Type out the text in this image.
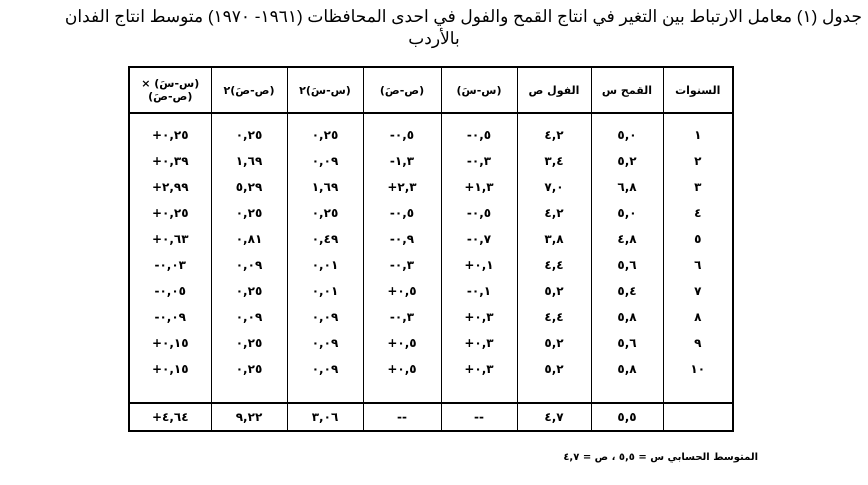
جدول (١) معامل الارتباط بين التغير في انتاج القمح والفول في احدى المحافظات (١٩٦١- ١٩٧٠) متوسط انتاج الفدان
بالأردب
السنوات	القمح س	الفول ص	(س-سَ)	(ص-صَ)	(س-سَ)٢	(ص-صَ)٢	(س-سَ) × (ص-صَ)
١	٥,٠	٤,٢	٠,٥-	٠,٥-	٠,٢٥	٠,٢٥	٠,٢٥+
٢	٥,٢	٣,٤	٠,٣-	١,٣-	٠,٠٩	١,٦٩	٠,٣٩+
٣	٦,٨	٧,٠	١,٣+	٢,٣+	١,٦٩	٥,٢٩	٢,٩٩+
٤	٥,٠	٤,٢	٠,٥-	٠,٥-	٠,٢٥	٠,٢٥	٠,٢٥+
٥	٤,٨	٣,٨	٠,٧-	٠,٩-	٠,٤٩	٠,٨١	٠,٦٣+
٦	٥,٦	٤,٤	٠,١+	٠,٣-	٠,٠١	٠,٠٩	٠,٠٣-
٧	٥,٤	٥,٢	٠,١-	٠,٥+	٠,٠١	٠,٢٥	٠,٠٥-
٨	٥,٨	٤,٤	٠,٣+	٠,٣-	٠,٠٩	٠,٠٩	٠,٠٩-
٩	٥,٦	٥,٢	٠,٣+	٠,٥+	٠,٠٩	٠,٢٥	٠,١٥+
١٠	٥,٨	٥,٢	٠,٣+	٠,٥+	٠,٠٩	٠,٢٥	٠,١٥+

	٥,٥	٤,٧	--	--	٣,٠٦	٩,٢٢	٤,٦٤+
المتوسط الحسابي س = ٥,٥ ، ص = ٤,٧
